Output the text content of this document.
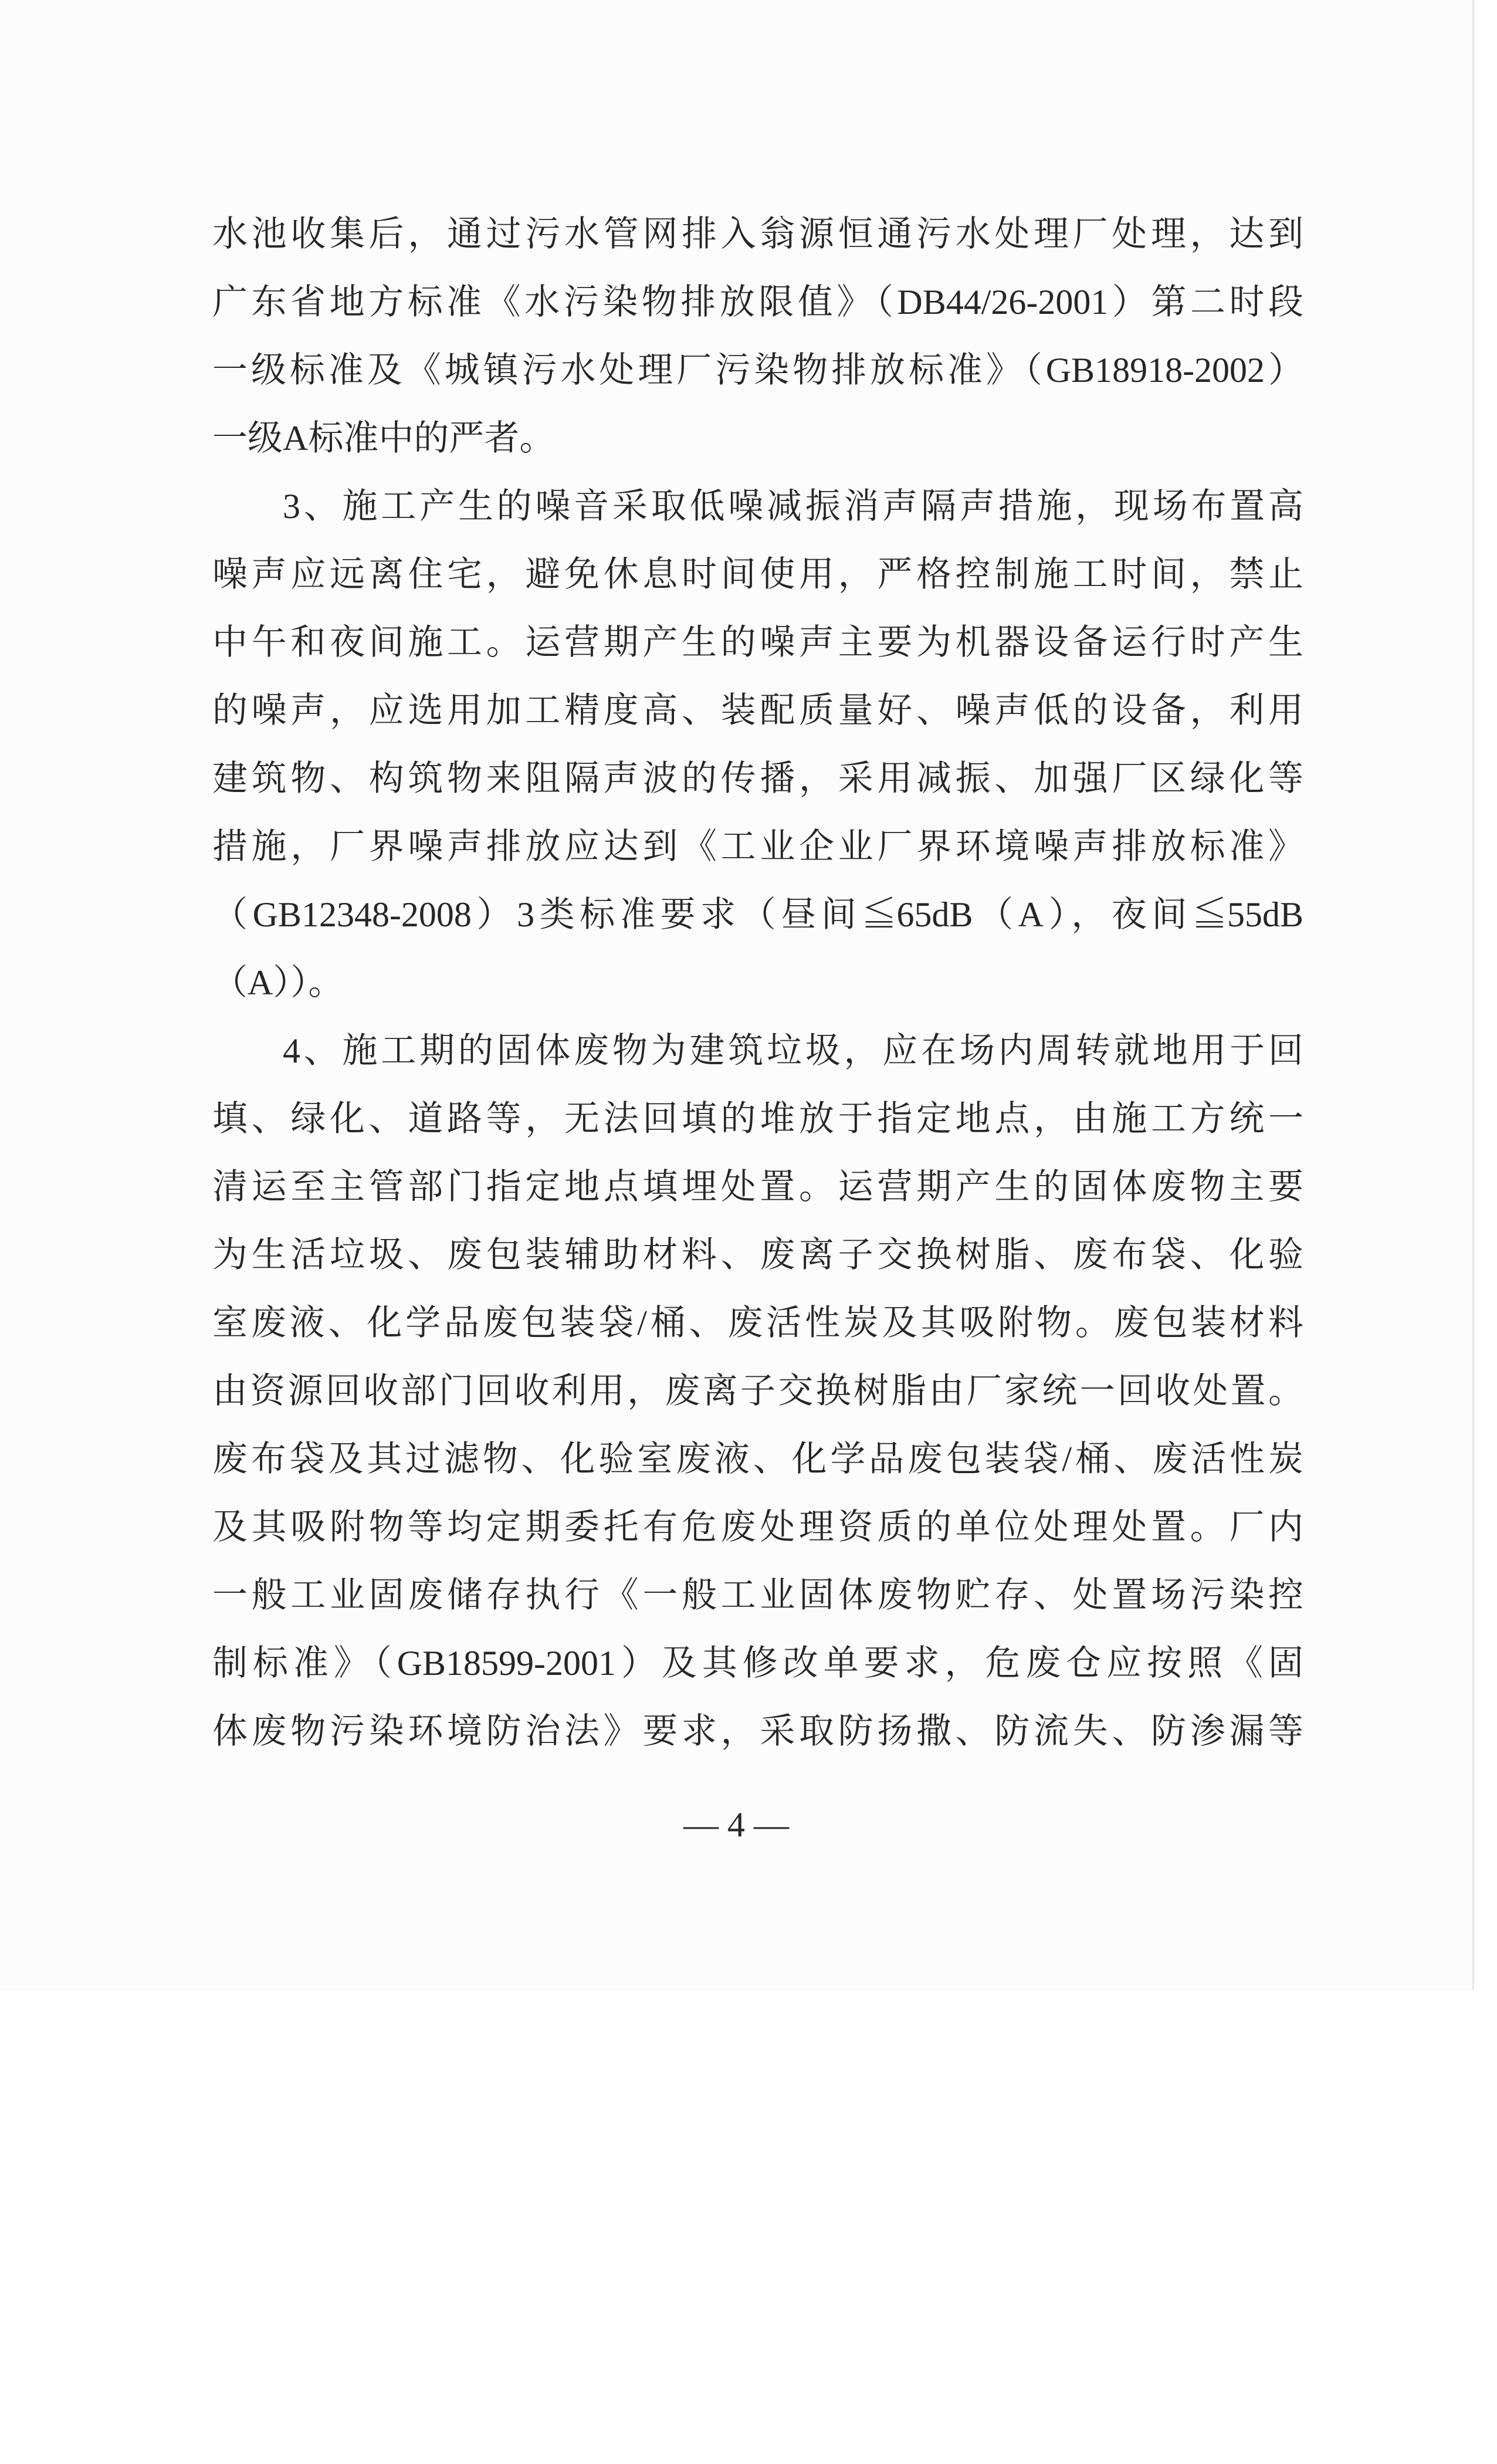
水池收集后，通过污水管网排入翁源恒通污水处理厂处理，达到
广东省地方标准《水污染物排放限值》（DB44/26-2001）第二时段
一级标准及《城镇污水处理厂污染物排放标准》（GB18918-2002）
一级A标准中的严者。
3、施工产生的噪音采取低噪减振消声隔声措施，现场布置高
噪声应远离住宅，避免休息时间使用，严格控制施工时间，禁止
中午和夜间施工。运营期产生的噪声主要为机器设备运行时产生
的噪声，应选用加工精度高、装配质量好、噪声低的设备，利用
建筑物、构筑物来阻隔声波的传播，采用减振、加强厂区绿化等
措施，厂界噪声排放应达到《工业企业厂界环境噪声排放标准》
（GB12348-2008）3类标准要求（昼间≦65dB（A），夜间≦55dB
（A））。
4、施工期的固体废物为建筑垃圾，应在场内周转就地用于回
填、绿化、道路等，无法回填的堆放于指定地点，由施工方统一
清运至主管部门指定地点填埋处置。运营期产生的固体废物主要
为生活垃圾、废包装辅助材料、废离子交换树脂、废布袋、化验
室废液、化学品废包装袋/桶、废活性炭及其吸附物。废包装材料
由资源回收部门回收利用，废离子交换树脂由厂家统一回收处置。
废布袋及其过滤物、化验室废液、化学品废包装袋/桶、废活性炭
及其吸附物等均定期委托有危废处理资质的单位处理处置。厂内
一般工业固废储存执行《一般工业固体废物贮存、处置场污染控
制标准》（GB18599-2001）及其修改单要求，危废仓应按照《固
体废物污染环境防治法》要求，采取防扬撒、防流失、防渗漏等
— 4 —
